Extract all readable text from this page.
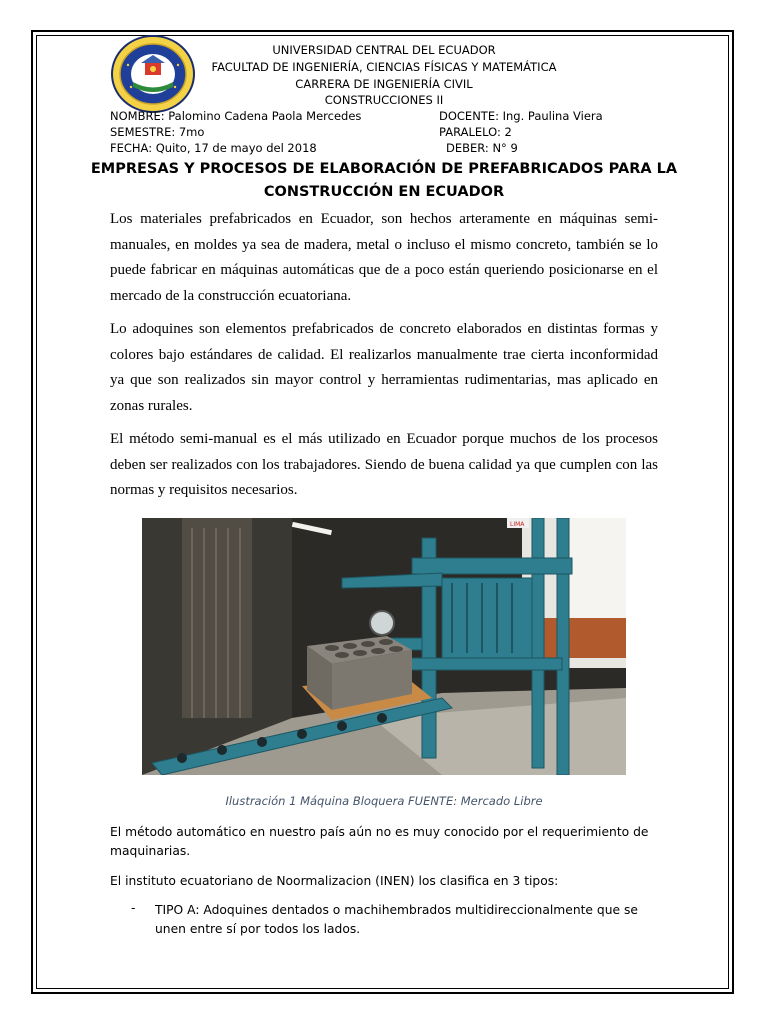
UNIVERSIDAD CENTRAL DEL ECUADOR
FACULTAD DE INGENIERÍA, CIENCIAS FÍSICAS Y MATEMÁTICA
CARRERA DE INGENIERÍA CIVIL
CONSTRUCCIONES II
NOMBRE: Palomino Cadena Paola Mercedes	DOCENTE: Ing. Paulina Viera
SEMESTRE: 7mo	PARALELO: 2
FECHA: Quito, 17 de mayo del 2018	DEBER: N° 9
EMPRESAS Y PROCESOS DE ELABORACIÓN DE PREFABRICADOS PARA LA
CONSTRUCCIÓN EN ECUADOR
Los materiales prefabricados en Ecuador, son hechos arteramente en máquinas semi-manuales, en moldes ya sea de madera, metal o incluso el mismo concreto, también se lo puede fabricar en máquinas automáticas que de a poco están queriendo posicionarse en el mercado de la construcción ecuatoriana.
Lo adoquines son elementos prefabricados de concreto elaborados en distintas formas y colores bajo estándares de calidad. El realizarlos manualmente trae cierta inconformidad ya que son realizados sin mayor control y herramientas rudimentarias, mas aplicado en zonas rurales.
El método semi-manual es el más utilizado en Ecuador porque muchos de los procesos deben ser realizados con los trabajadores. Siendo de buena calidad ya que cumplen con las normas y requisitos necesarios.
LIMA
Ilustración 1 Máquina Bloquera FUENTE: Mercado Libre
El método automático en nuestro país aún no es muy conocido por el requerimiento de maquinarias.
El instituto ecuatoriano de Noormalizacion (INEN) los clasifica en 3 tipos:
- TIPO A: Adoquines dentados o machihembrados multidireccionalmente que se unen entre sí por todos los lados.
